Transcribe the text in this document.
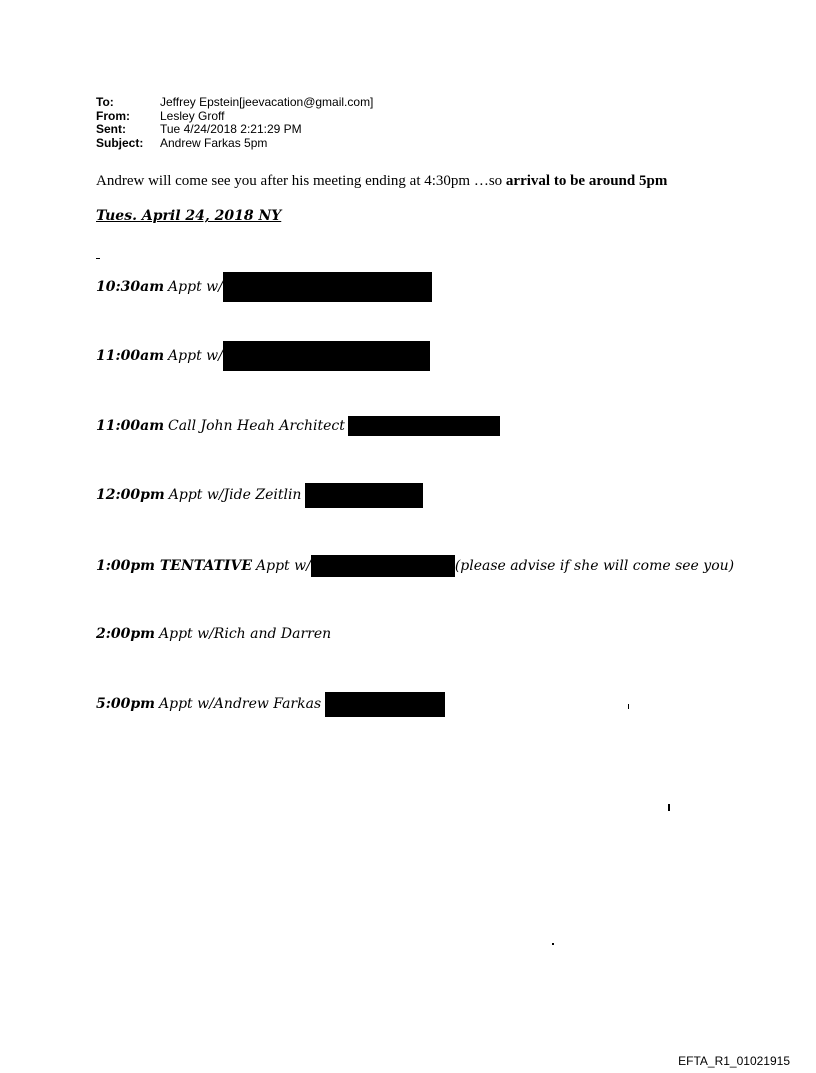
To:	Jeffrey Epstein[jeevacation@gmail.com]
From:	Lesley Groff
Sent:	Tue 4/24/2018 2:21:29 PM
Subject:	Andrew Farkas 5pm
Andrew will come see you after his meeting ending at 4:30pm …so arrival to be around 5pm
Tues. April 24, 2018 NY
10:30am Appt w/
11:00am Appt w/
11:00am Call John Heah Architect
12:00pm Appt w/Jide Zeitlin
1:00pm TENTATIVE Appt w/	(please advise if she will come see you)
2:00pm Appt w/Rich and Darren
5:00pm Appt w/Andrew Farkas
EFTA_R1_01021915
